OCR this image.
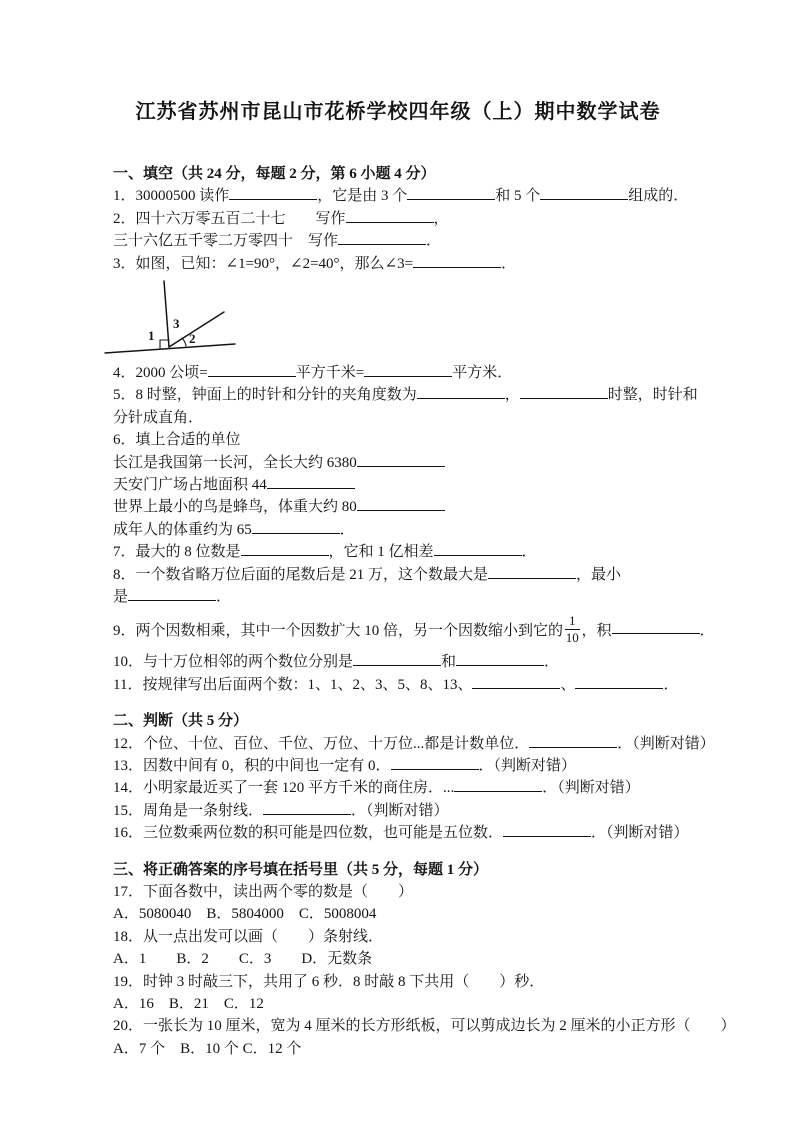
江苏省苏州市昆山市花桥学校四年级（上）期中数学试卷
一、填空（共 24 分，每题 2 分，第 6 小题 4 分）
1．30000500 读作	，它是由 3 个	和 5 个	组成的．
2．四十六万零五百二十七　　写作	，
三十六亿五千零二万零四十　写作	．
3．如图，已知：∠1=90°，∠2=40°，那么∠3=	．
1	2
3
4．2000 公顷=	平方千米=	平方米．
5．8 时整，钟面上的时针和分针的夹角度数为	，	时整，时针和
分针成直角．
6．填上合适的单位
长江是我国第一长河，全长大约 6380
天安门广场占地面积 44
世界上最小的鸟是蜂鸟，体重大约 80
成年人的体重约为 65	．
7．最大的 8 位数是	，它和 1 亿相差	．
8．一个数省略万位后面的尾数后是 21 万，这个数最大是	，最小
是	．
9．两个因数相乘，其中一个因数扩大 10 倍，另一个因数缩小到它的 $\frac{1}{10}$ ，积	．
10．与十万位相邻的两个数位分别是	和	．
11．按规律写出后面两个数：1、1、2、3、5、8、13、	、	．
二、判断（共 5 分）
12．个位、十位、百位、千位、万位、十万位...都是计数单位．	．（判断对错）
13．因数中间有 0，积的中间也一定有 0．	．（判断对错）
14．小明家最近买了一套 120 平方千米的商住房．...	．（判断对错）
15．周角是一条射线．	．（判断对错）
16．三位数乘两位数的积可能是四位数，也可能是五位数．	．（判断对错）
三、将正确答案的序号填在括号里（共 5 分，每题 1 分）
17．下面各数中，读出两个零的数是（　　）
A．5080040　B．5804000　C．5008004
18．从一点出发可以画（　　）条射线．
A．1　　B．2　　C．3　　D．无数条
19．时钟 3 时敲三下，共用了 6 秒．8 时敲 8 下共用（　　）秒．
A．16　B．21　C．12
20．一张长为 10 厘米，宽为 4 厘米的长方形纸板，可以剪成边长为 2 厘米的小正方形（　　）
A．7 个　B．10 个 C．12 个
